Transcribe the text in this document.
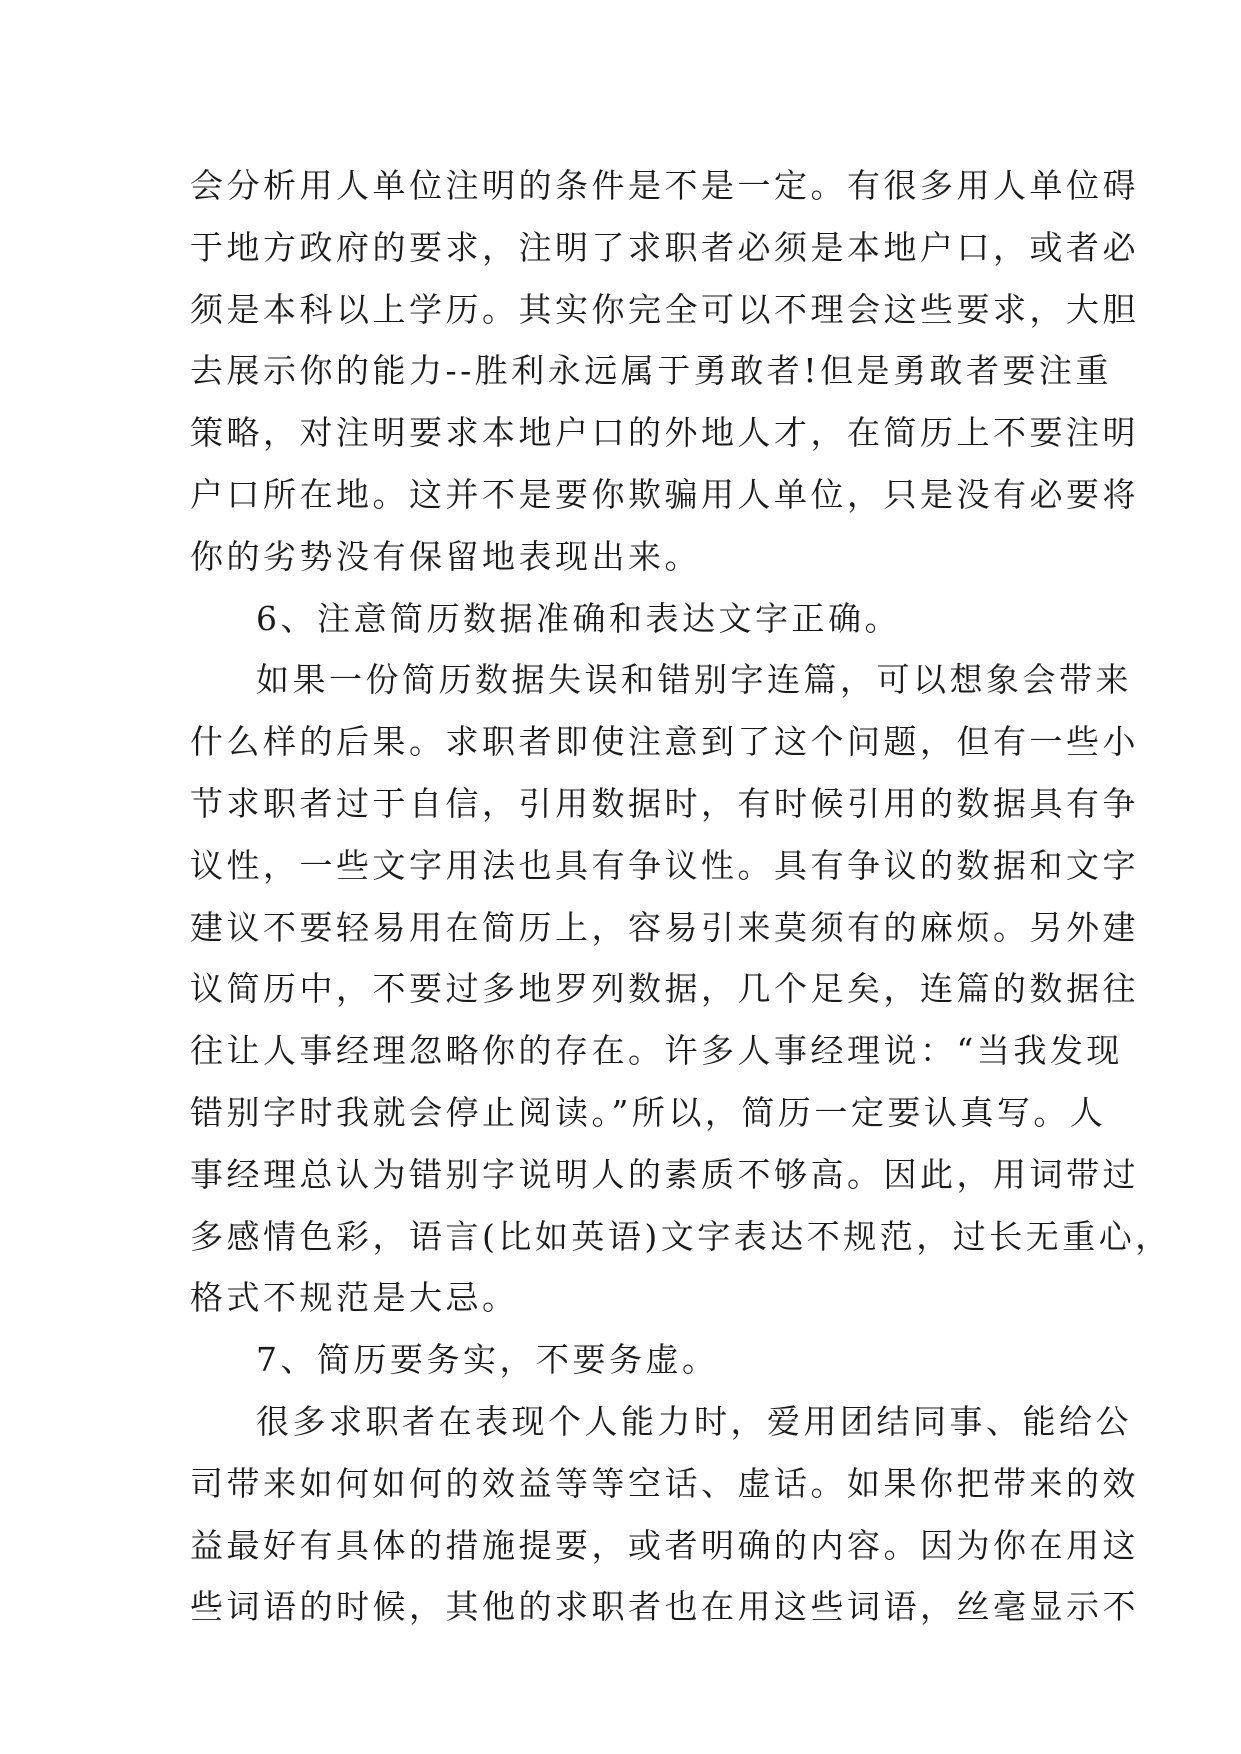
会分析用人单位注明的条件是不是一定。有很多用人单位碍
于地方政府的要求，注明了求职者必须是本地户口，或者必
须是本科以上学历。其实你完全可以不理会这些要求，大胆
去展示你的能力--胜利永远属于勇敢者!但是勇敢者要注重
策略，对注明要求本地户口的外地人才，在简历上不要注明
户口所在地。这并不是要你欺骗用人单位，只是没有必要将
你的劣势没有保留地表现出来。
6、注意简历数据准确和表达文字正确。
如果一份简历数据失误和错别字连篇，可以想象会带来
什么样的后果。求职者即使注意到了这个问题，但有一些小
节求职者过于自信，引用数据时，有时候引用的数据具有争
议性，一些文字用法也具有争议性。具有争议的数据和文字
建议不要轻易用在简历上，容易引来莫须有的麻烦。另外建
议简历中，不要过多地罗列数据，几个足矣，连篇的数据往
往让人事经理忽略你的存在。许多人事经理说：“当我发现
错别字时我就会停止阅读。”所以，简历一定要认真写。人
事经理总认为错别字说明人的素质不够高。因此，用词带过
多感情色彩，语言(比如英语)文字表达不规范，过长无重心，
格式不规范是大忌。
7、简历要务实，不要务虚。
很多求职者在表现个人能力时，爱用团结同事、能给公
司带来如何如何的效益等等空话、虚话。如果你把带来的效
益最好有具体的措施提要，或者明确的内容。因为你在用这
些词语的时候，其他的求职者也在用这些词语，丝毫显示不
